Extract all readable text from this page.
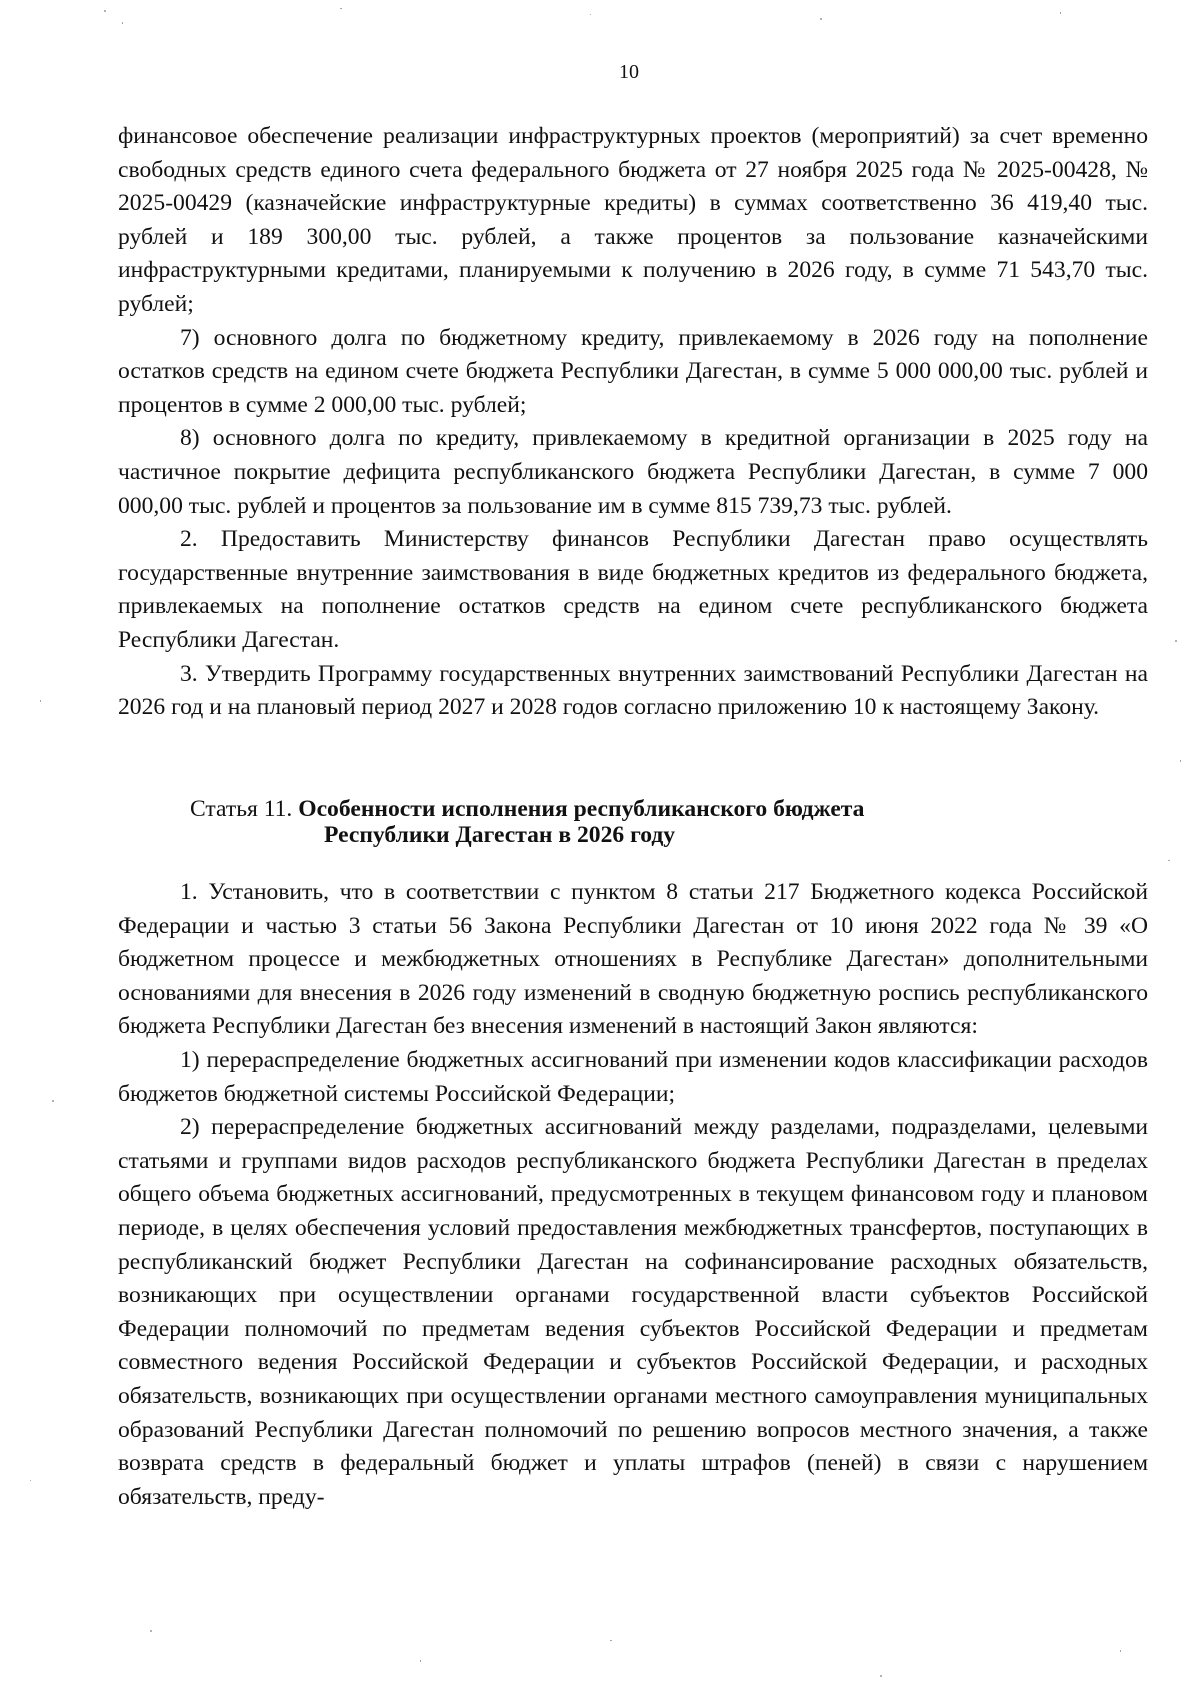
10

финансовое обеспечение реализации инфраструктурных проектов (мероприятий) за счет временно свободных средств единого счета федерального бюджета от 27 ноября 2025 года № 2025-00428, № 2025-00429 (казначейские инфраструктурные кредиты) в суммах соответственно 36 419,40 тыс. рублей и 189 300,00 тыс. рублей, а также процентов за пользование казначейскими инфраструктурными кредитами, планируемыми к получению в 2026 году, в сумме 71 543,70 тыс. рублей;

7) основного долга по бюджетному кредиту, привлекаемому в 2026 году на пополнение остатков средств на едином счете бюджета Республики Дагестан, в сумме 5 000 000,00 тыс. рублей и процентов в сумме 2 000,00 тыс. рублей;

8) основного долга по кредиту, привлекаемому в кредитной организации в 2025 году на частичное покрытие дефицита республиканского бюджета Республики Дагестан, в сумме 7 000 000,00 тыс. рублей и процентов за пользование им в сумме 815 739,73 тыс. рублей.

2. Предоставить Министерству финансов Республики Дагестан право осуществлять государственные внутренние заимствования в виде бюджетных кредитов из федерального бюджета, привлекаемых на пополнение остатков средств на едином счете республиканского бюджета Республики Дагестан.

3. Утвердить Программу государственных внутренних заимствований Республики Дагестан на 2026 год и на плановый период 2027 и 2028 годов согласно приложению 10 к настоящему Закону.

Статья 11. Особенности исполнения республиканского бюджета
Республики Дагестан в 2026 году

1. Установить, что в соответствии с пунктом 8 статьи 217 Бюджетного кодекса Российской Федерации и частью 3 статьи 56 Закона Республики Дагестан от 10 июня 2022 года № 39 «О бюджетном процессе и межбюджетных отношениях в Республике Дагестан» дополнительными основаниями для внесения в 2026 году изменений в сводную бюджетную роспись республиканского бюджета Республики Дагестан без внесения изменений в настоящий Закон являются:

1) перераспределение бюджетных ассигнований при изменении кодов классификации расходов бюджетов бюджетной системы Российской Федерации;

2) перераспределение бюджетных ассигнований между разделами, подразделами, целевыми статьями и группами видов расходов республиканского бюджета Республики Дагестан в пределах общего объема бюджетных ассигнований, предусмотренных в текущем финансовом году и плановом периоде, в целях обеспечения условий предоставления межбюджетных трансфертов, поступающих в республиканский бюджет Республики Дагестан на софинансирование расходных обязательств, возникающих при осуществлении органами государственной власти субъектов Российской Федерации полномочий по предметам ведения субъектов Российской Федерации и предметам совместного ведения Российской Федерации и субъектов Российской Федерации, и расходных обязательств, возникающих при осуществлении органами местного самоуправления муниципальных образований Республики Дагестан полномочий по решению вопросов местного значения, а также возврата средств в федеральный бюджет и уплаты штрафов (пеней) в связи с нарушением обязательств, преду-
